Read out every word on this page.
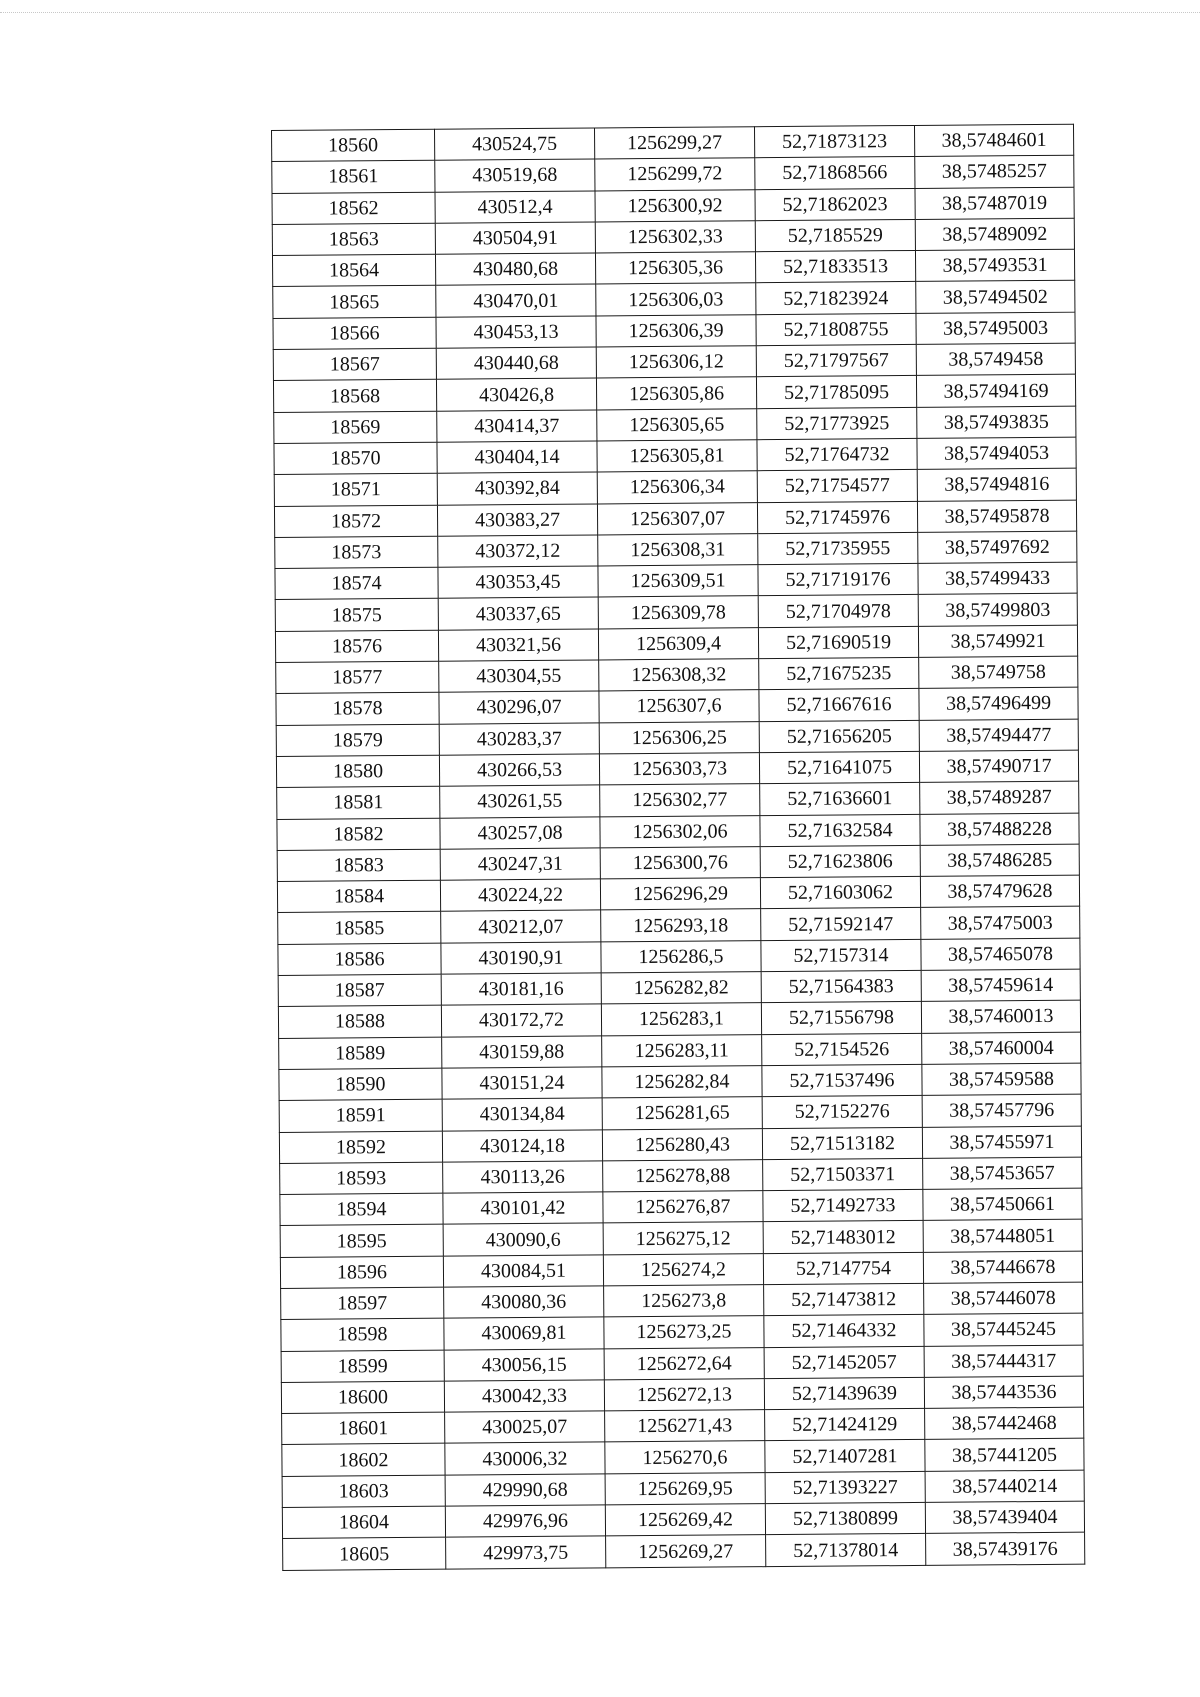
18560	430524,75	1256299,27	52,71873123	38,57484601
18561	430519,68	1256299,72	52,71868566	38,57485257
18562	430512,4	1256300,92	52,71862023	38,57487019
18563	430504,91	1256302,33	52,7185529	38,57489092
18564	430480,68	1256305,36	52,71833513	38,57493531
18565	430470,01	1256306,03	52,71823924	38,57494502
18566	430453,13	1256306,39	52,71808755	38,57495003
18567	430440,68	1256306,12	52,71797567	38,5749458
18568	430426,8	1256305,86	52,71785095	38,57494169
18569	430414,37	1256305,65	52,71773925	38,57493835
18570	430404,14	1256305,81	52,71764732	38,57494053
18571	430392,84	1256306,34	52,71754577	38,57494816
18572	430383,27	1256307,07	52,71745976	38,57495878
18573	430372,12	1256308,31	52,71735955	38,57497692
18574	430353,45	1256309,51	52,71719176	38,57499433
18575	430337,65	1256309,78	52,71704978	38,57499803
18576	430321,56	1256309,4	52,71690519	38,5749921
18577	430304,55	1256308,32	52,71675235	38,5749758
18578	430296,07	1256307,6	52,71667616	38,57496499
18579	430283,37	1256306,25	52,71656205	38,57494477
18580	430266,53	1256303,73	52,71641075	38,57490717
18581	430261,55	1256302,77	52,71636601	38,57489287
18582	430257,08	1256302,06	52,71632584	38,57488228
18583	430247,31	1256300,76	52,71623806	38,57486285
18584	430224,22	1256296,29	52,71603062	38,57479628
18585	430212,07	1256293,18	52,71592147	38,57475003
18586	430190,91	1256286,5	52,7157314	38,57465078
18587	430181,16	1256282,82	52,71564383	38,57459614
18588	430172,72	1256283,1	52,71556798	38,57460013
18589	430159,88	1256283,11	52,7154526	38,57460004
18590	430151,24	1256282,84	52,71537496	38,57459588
18591	430134,84	1256281,65	52,7152276	38,57457796
18592	430124,18	1256280,43	52,71513182	38,57455971
18593	430113,26	1256278,88	52,71503371	38,57453657
18594	430101,42	1256276,87	52,71492733	38,57450661
18595	430090,6	1256275,12	52,71483012	38,57448051
18596	430084,51	1256274,2	52,7147754	38,57446678
18597	430080,36	1256273,8	52,71473812	38,57446078
18598	430069,81	1256273,25	52,71464332	38,57445245
18599	430056,15	1256272,64	52,71452057	38,57444317
18600	430042,33	1256272,13	52,71439639	38,57443536
18601	430025,07	1256271,43	52,71424129	38,57442468
18602	430006,32	1256270,6	52,71407281	38,57441205
18603	429990,68	1256269,95	52,71393227	38,57440214
18604	429976,96	1256269,42	52,71380899	38,57439404
18605	429973,75	1256269,27	52,71378014	38,57439176
